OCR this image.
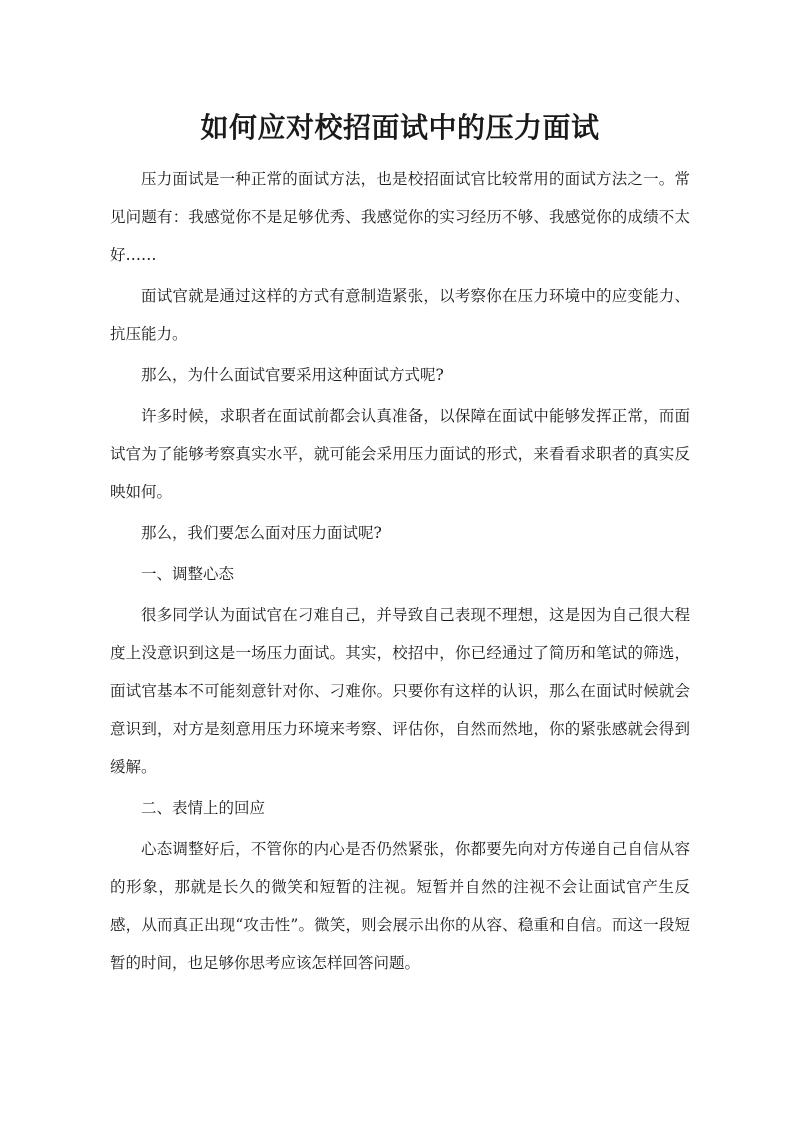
如何应对校招面试中的压力面试

压力面试是一种正常的面试方法，也是校招面试官比较常用的面试方法之一。常见问题有：我感觉你不是足够优秀、我感觉你的实习经历不够、我感觉你的成绩不太好……

面试官就是通过这样的方式有意制造紧张，以考察你在压力环境中的应变能力、抗压能力。

那么，为什么面试官要采用这种面试方式呢?

许多时候，求职者在面试前都会认真准备，以保障在面试中能够发挥正常，而面试官为了能够考察真实水平，就可能会采用压力面试的形式，来看看求职者的真实反映如何。

那么，我们要怎么面对压力面试呢?

一、调整心态

很多同学认为面试官在刁难自己，并导致自己表现不理想，这是因为自己很大程度上没意识到这是一场压力面试。其实，校招中，你已经通过了简历和笔试的筛选，面试官基本不可能刻意针对你、刁难你。只要你有这样的认识，那么在面试时候就会意识到，对方是刻意用压力环境来考察、评估你，自然而然地，你的紧张感就会得到缓解。

二、表情上的回应

心态调整好后，不管你的内心是否仍然紧张，你都要先向对方传递自己自信从容的形象，那就是长久的微笑和短暂的注视。短暂并自然的注视不会让面试官产生反感，从而真正出现“攻击性”。微笑，则会展示出你的从容、稳重和自信。而这一段短暂的时间，也足够你思考应该怎样回答问题。
